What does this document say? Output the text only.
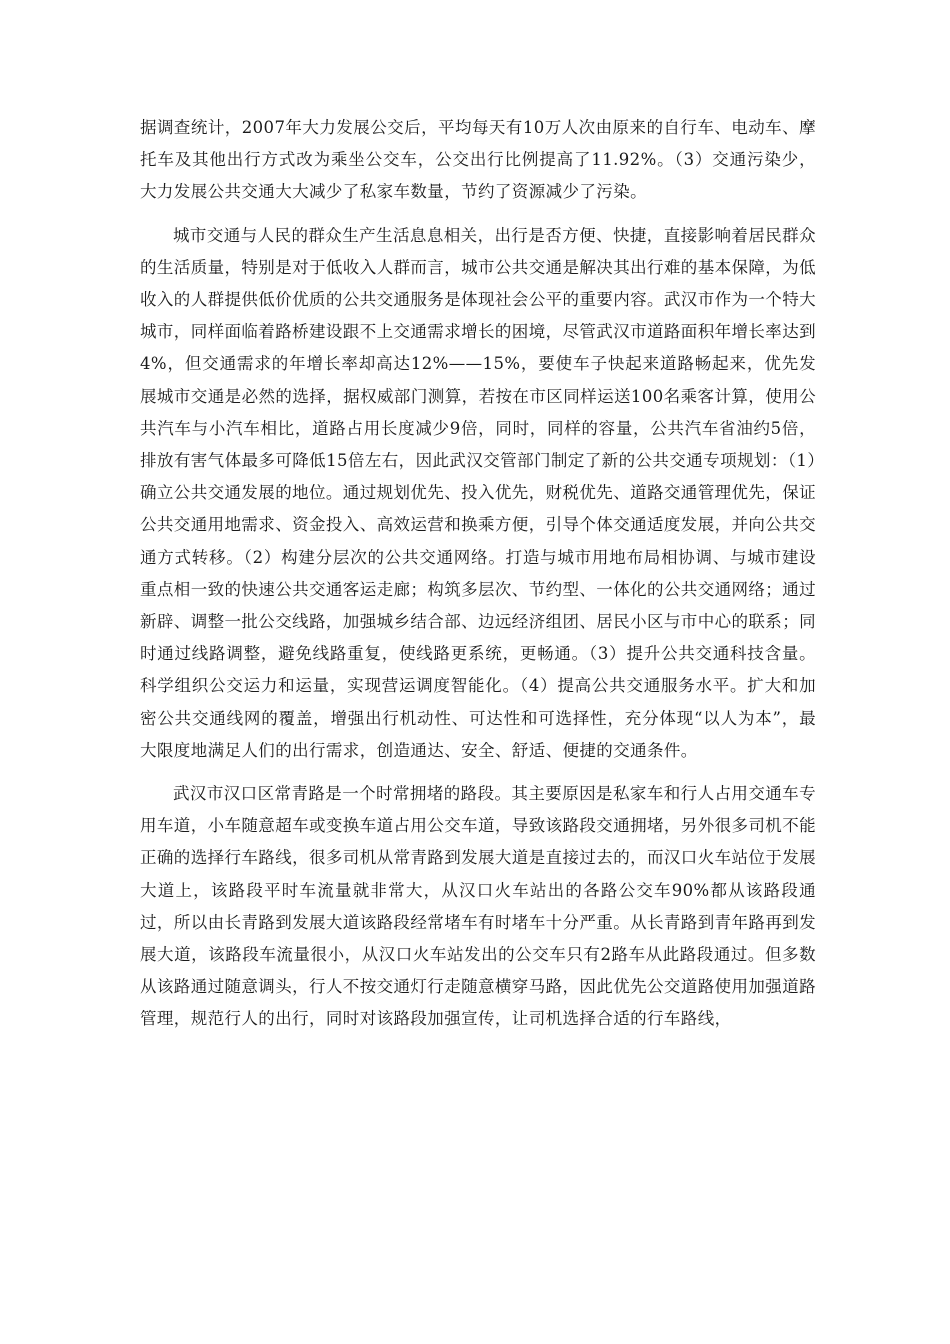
据调查统计，2007年大力发展公交后，平均每天有10万人次由原来的自行车、电动车、摩托车及其他出行方式改为乘坐公交车，公交出行比例提高了11.92%。（3）交通污染少，大力发展公共交通大大减少了私家车数量，节约了资源减少了污染。

城市交通与人民的群众生产生活息息相关，出行是否方便、快捷，直接影响着居民群众的生活质量，特别是对于低收入人群而言，城市公共交通是解决其出行难的基本保障，为低收入的人群提供低价优质的公共交通服务是体现社会公平的重要内容。武汉市作为一个特大城市，同样面临着路桥建设跟不上交通需求增长的困境，尽管武汉市道路面积年增长率达到4%，但交通需求的年增长率却高达12%——15%，要使车子快起来道路畅起来，优先发展城市交通是必然的选择，据权威部门测算，若按在市区同样运送100名乘客计算，使用公共汽车与小汽车相比，道路占用长度减少9倍，同时，同样的容量，公共汽车省油约5倍，排放有害气体最多可降低15倍左右，因此武汉交管部门制定了新的公共交通专项规划：（1）确立公共交通发展的地位。通过规划优先、投入优先，财税优先、道路交通管理优先，保证公共交通用地需求、资金投入、高效运营和换乘方便，引导个体交通适度发展，并向公共交通方式转移。（2）构建分层次的公共交通网络。打造与城市用地布局相协调、与城市建设重点相一致的快速公共交通客运走廊；构筑多层次、节约型、一体化的公共交通网络；通过新辟、调整一批公交线路，加强城乡结合部、边远经济组团、居民小区与市中心的联系；同时通过线路调整，避免线路重复，使线路更系统，更畅通。（3）提升公共交通科技含量。科学组织公交运力和运量，实现营运调度智能化。（4）提高公共交通服务水平。扩大和加密公共交通线网的覆盖，增强出行机动性、可达性和可选择性，充分体现“以人为本”，最大限度地满足人们的出行需求，创造通达、安全、舒适、便捷的交通条件。

武汉市汉口区常青路是一个时常拥堵的路段。其主要原因是私家车和行人占用交通车专用车道，小车随意超车或变换车道占用公交车道，导致该路段交通拥堵，另外很多司机不能正确的选择行车路线，很多司机从常青路到发展大道是直接过去的，而汉口火车站位于发展大道上，该路段平时车流量就非常大，从汉口火车站出的各路公交车90%都从该路段通过，所以由长青路到发展大道该路段经常堵车有时堵车十分严重。从长青路到青年路再到发展大道，该路段车流量很小，从汉口火车站发出的公交车只有2路车从此路段通过。但多数从该路通过随意调头，行人不按交通灯行走随意横穿马路，因此优先公交道路使用加强道路管理，规范行人的出行，同时对该路段加强宣传，让司机选择合适的行车路线，
